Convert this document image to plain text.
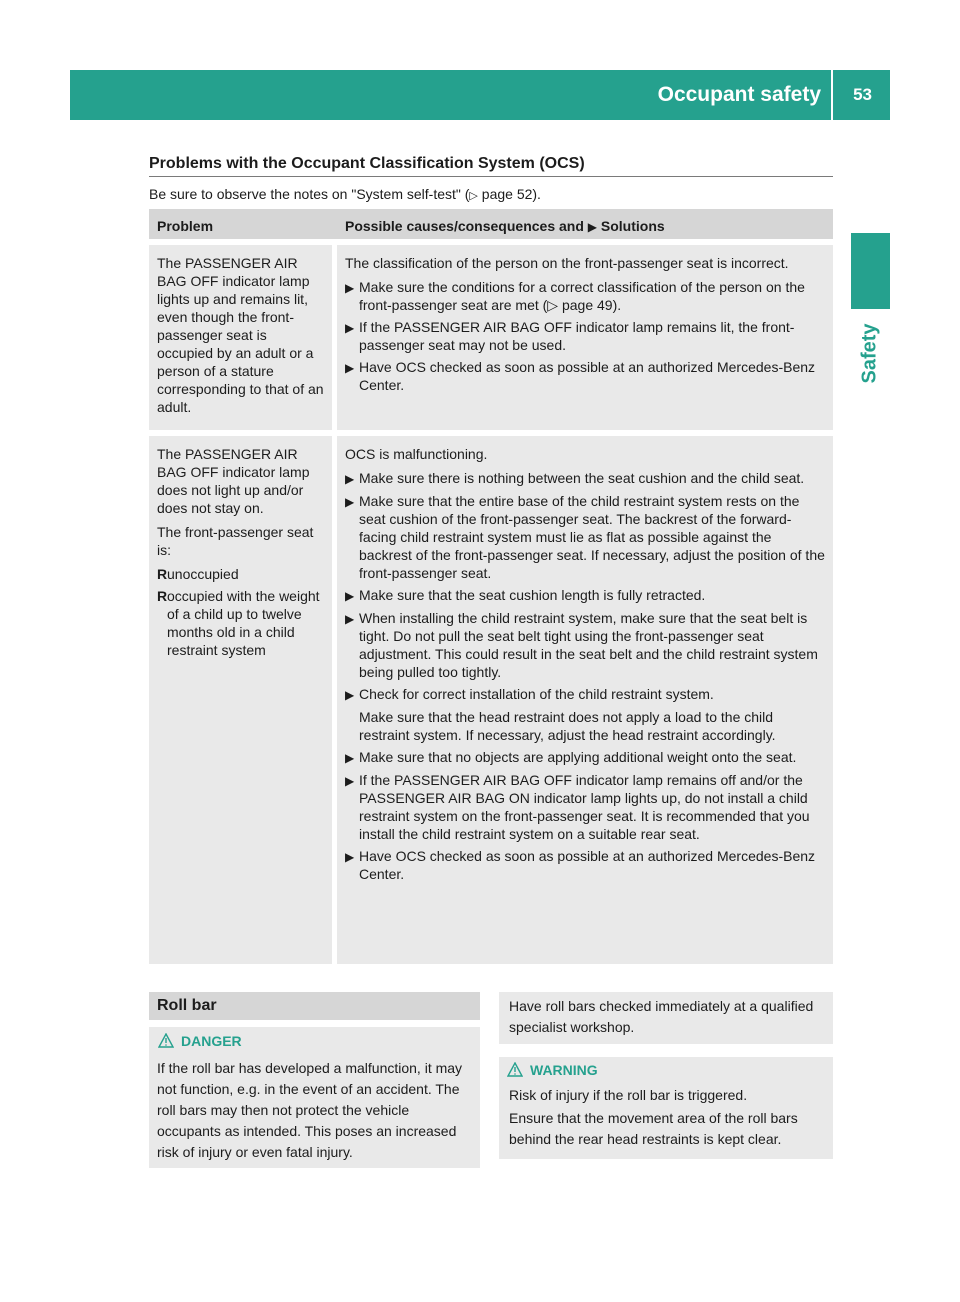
Occupant safety 53
Safety
Problems with the Occupant Classification System (OCS)
Be sure to observe the notes on "System self-test" (▷ page 52).
Problem	Possible causes/consequences and ▶ Solutions
The PASSENGER AIR BAG OFF indicator lamp lights up and remains lit, even though the front-passenger seat is occupied by an adult or a person of a stature corresponding to that of an adult.
The classification of the person on the front-passenger seat is incorrect.
▶ Make sure the conditions for a correct classification of the person on the front-passenger seat are met (▷ page 49).
▶ If the PASSENGER AIR BAG OFF indicator lamp remains lit, the front-passenger seat may not be used.
▶ Have OCS checked as soon as possible at an authorized Mercedes-Benz Center.
The PASSENGER AIR BAG OFF indicator lamp does not light up and/or does not stay on.
The front-passenger seat is:
R unoccupied
R occupied with the weight of a child up to twelve months old in a child restraint system
OCS is malfunctioning.
▶ Make sure there is nothing between the seat cushion and the child seat.
▶ Make sure that the entire base of the child restraint system rests on the seat cushion of the front-passenger seat. The backrest of the forward-facing child restraint system must lie as flat as possible against the backrest of the front-passenger seat. If necessary, adjust the position of the front-passenger seat.
▶ Make sure that the seat cushion length is fully retracted.
▶ When installing the child restraint system, make sure that the seat belt is tight. Do not pull the seat belt tight using the front-passenger seat adjustment. This could result in the seat belt and the child restraint system being pulled too tightly.
▶ Check for correct installation of the child restraint system.
Make sure that the head restraint does not apply a load to the child restraint system. If necessary, adjust the head restraint accordingly.
▶ Make sure that no objects are applying additional weight onto the seat.
▶ If the PASSENGER AIR BAG OFF indicator lamp remains off and/or the PASSENGER AIR BAG ON indicator lamp lights up, do not install a child restraint system on the front-passenger seat. It is recommended that you install the child restraint system on a suitable rear seat.
▶ Have OCS checked as soon as possible at an authorized Mercedes-Benz Center.
Roll bar
DANGER
If the roll bar has developed a malfunction, it may not function, e.g. in the event of an accident. The roll bars may then not protect the vehicle occupants as intended. This poses an increased risk of injury or even fatal injury.
Have roll bars checked immediately at a qualified specialist workshop.
WARNING
Risk of injury if the roll bar is triggered.
Ensure that the movement area of the roll bars behind the rear head restraints is kept clear.
